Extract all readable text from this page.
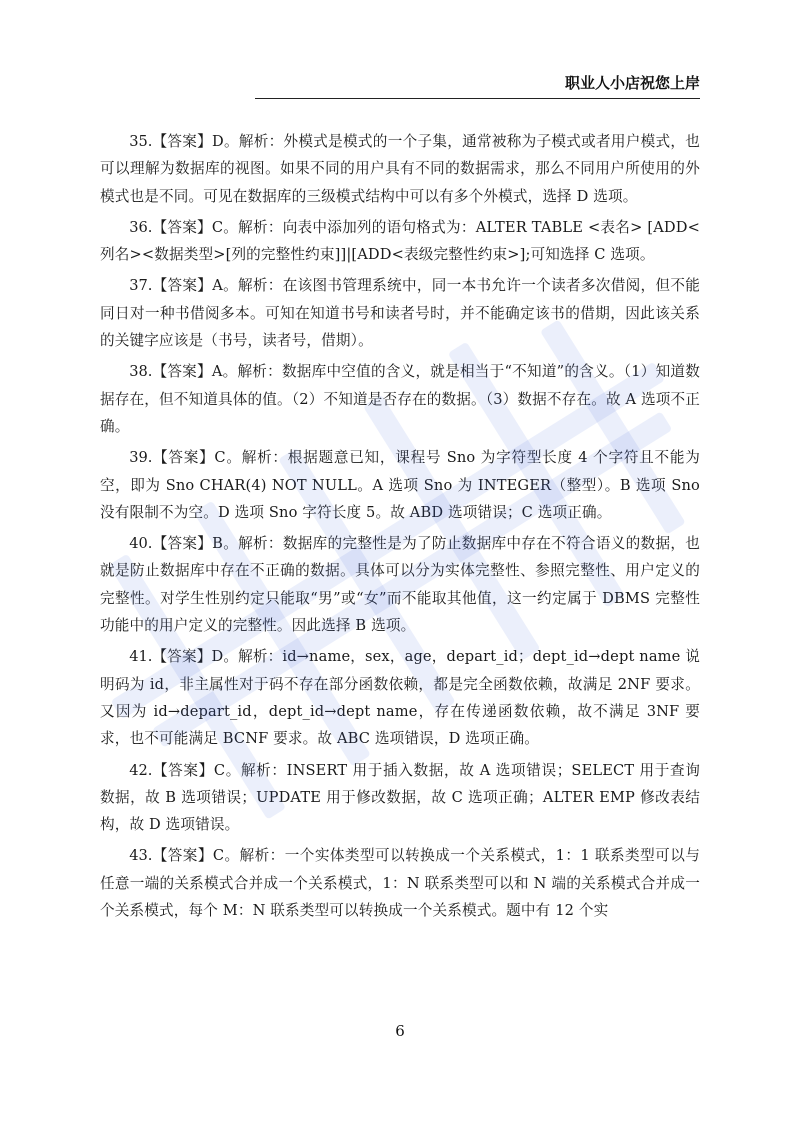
职业人小店祝您上岸

35.【答案】D。解析：外模式是模式的一个子集，通常被称为子模式或者用户模式，也可以理解为数据库的视图。如果不同的用户具有不同的数据需求，那么不同用户所使用的外模式也是不同。可见在数据库的三级模式结构中可以有多个外模式，选择 D 选项。

36.【答案】C。解析：向表中添加列的语句格式为：ALTER TABLE <表名> [ADD<列名><数据类型>[列的完整性约束]]|[ADD<表级完整性约束>];可知选择 C 选项。

37.【答案】A。解析：在该图书管理系统中，同一本书允许一个读者多次借阅，但不能同日对一种书借阅多本。可知在知道书号和读者号时，并不能确定该书的借期，因此该关系的关键字应该是（书号，读者号，借期）。

38.【答案】A。解析：数据库中空值的含义，就是相当于“不知道”的含义。（1）知道数据存在，但不知道具体的值。（2）不知道是否存在的数据。（3）数据不存在。故 A 选项不正确。

39.【答案】C。解析：根据题意已知，课程号 Sno 为字符型长度 4 个字符且不能为空，即为 Sno CHAR(4) NOT NULL。A 选项 Sno 为 INTEGER（整型）。B 选项 Sno 没有限制不为空。D 选项 Sno 字符长度 5。故 ABD 选项错误；C 选项正确。

40.【答案】B。解析：数据库的完整性是为了防止数据库中存在不符合语义的数据，也就是防止数据库中存在不正确的数据。具体可以分为实体完整性、参照完整性、用户定义的完整性。对学生性别约定只能取“男”或“女”而不能取其他值，这一约定属于 DBMS 完整性功能中的用户定义的完整性。因此选择 B 选项。

41.【答案】D。解析：id→name，sex，age，depart_id；dept_id→dept name 说明码为 id，非主属性对于码不存在部分函数依赖，都是完全函数依赖，故满足 2NF 要求。又因为 id→depart_id，dept_id→dept name，存在传递函数依赖，故不满足 3NF 要求，也不可能满足 BCNF 要求。故 ABC 选项错误，D 选项正确。

42.【答案】C。解析：INSERT 用于插入数据，故 A 选项错误；SELECT 用于查询数据，故 B 选项错误；UPDATE 用于修改数据，故 C 选项正确；ALTER EMP 修改表结构，故 D 选项错误。

43.【答案】C。解析：一个实体类型可以转换成一个关系模式，1：1 联系类型可以与任意一端的关系模式合并成一个关系模式，1：N 联系类型可以和 N 端的关系模式合并成一个关系模式，每个 M：N 联系类型可以转换成一个关系模式。题中有 12 个实

6
